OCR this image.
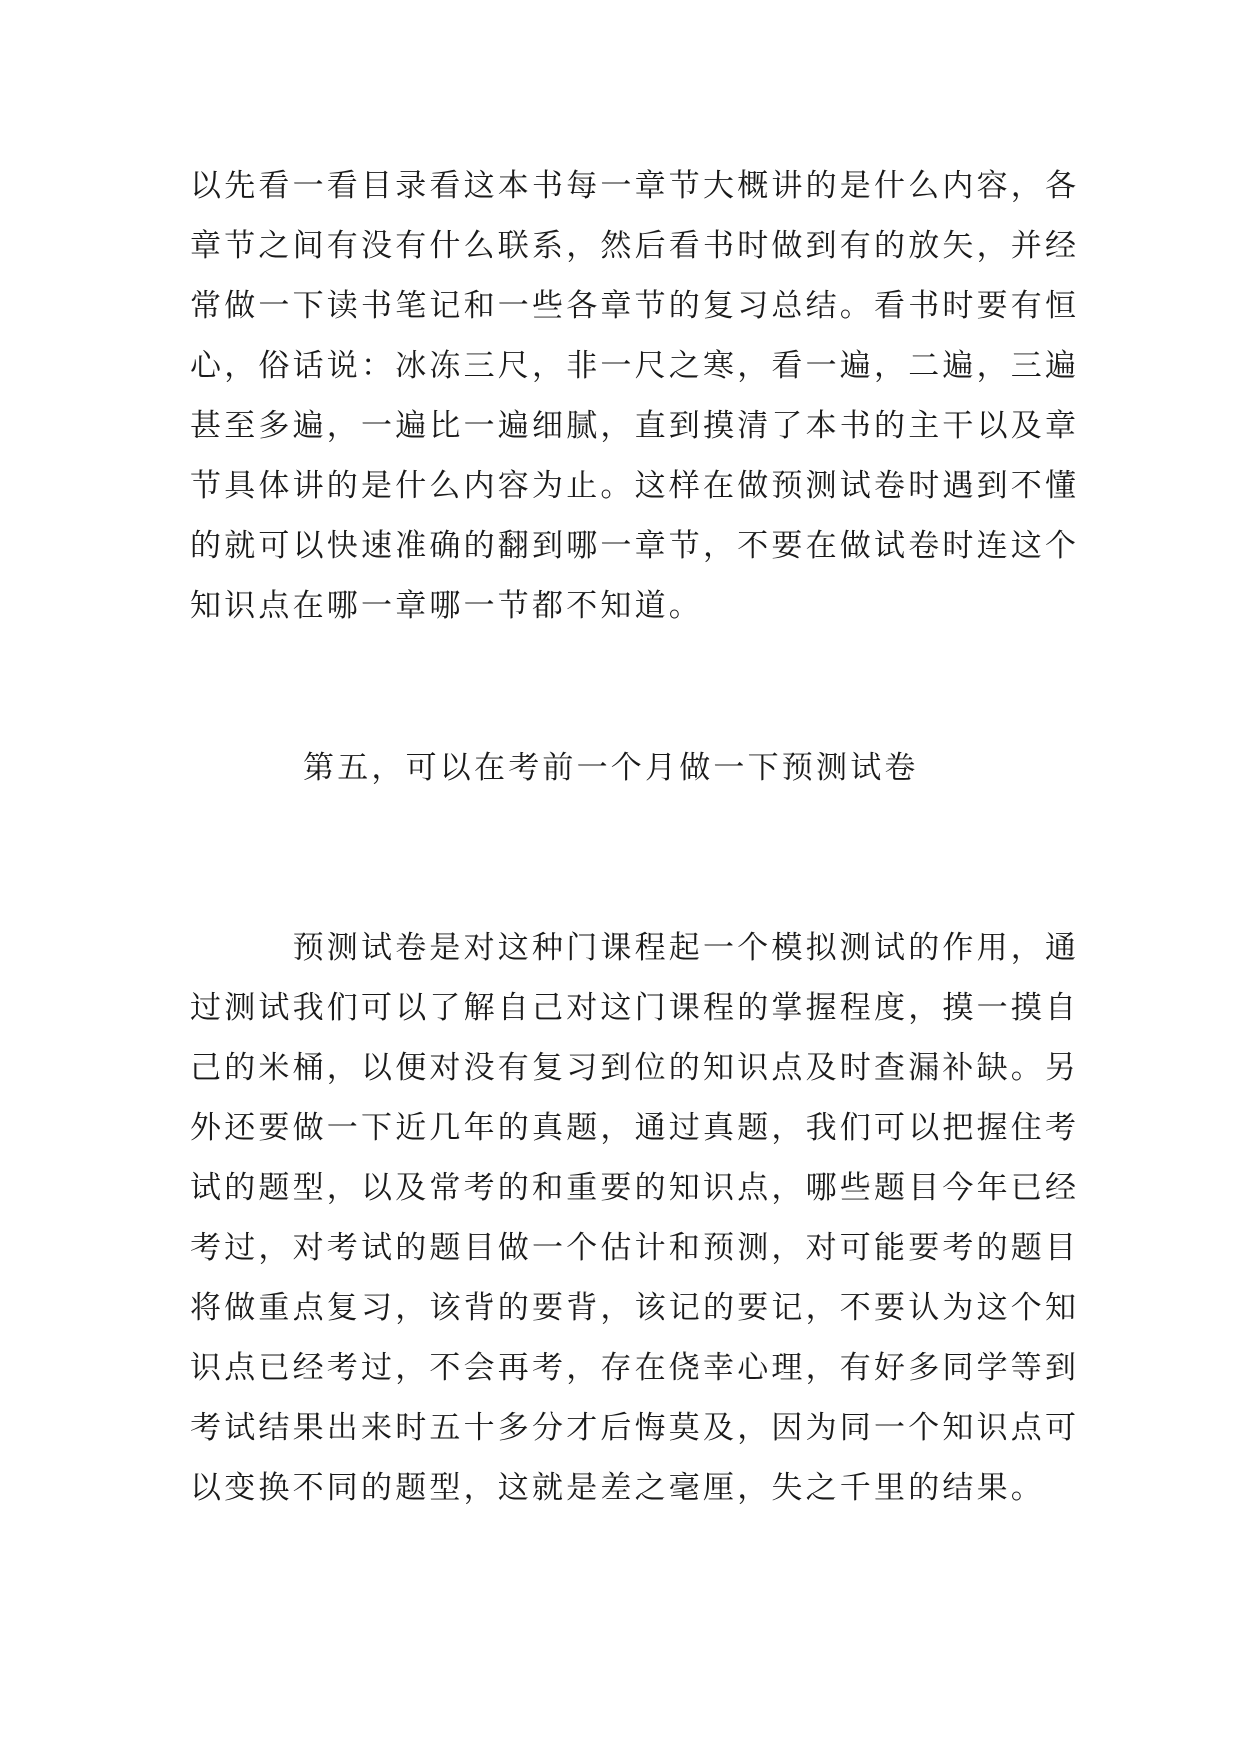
以先看一看目录看这本书每一章节大概讲的是什么内容，各
章节之间有没有什么联系，然后看书时做到有的放矢，并经
常做一下读书笔记和一些各章节的复习总结。看书时要有恒
心，俗话说：冰冻三尺，非一尺之寒，看一遍，二遍，三遍
甚至多遍，一遍比一遍细腻，直到摸清了本书的主干以及章
节具体讲的是什么内容为止。这样在做预测试卷时遇到不懂
的就可以快速准确的翻到哪一章节，不要在做试卷时连这个
知识点在哪一章哪一节都不知道。
第五，可以在考前一个月做一下预测试卷
　　　预测试卷是对这种门课程起一个模拟测试的作用，通
过测试我们可以了解自己对这门课程的掌握程度，摸一摸自
己的米桶，以便对没有复习到位的知识点及时查漏补缺。另
外还要做一下近几年的真题，通过真题，我们可以把握住考
试的题型，以及常考的和重要的知识点，哪些题目今年已经
考过，对考试的题目做一个估计和预测，对可能要考的题目
将做重点复习，该背的要背，该记的要记，不要认为这个知
识点已经考过，不会再考，存在侥幸心理，有好多同学等到
考试结果出来时五十多分才后悔莫及，因为同一个知识点可
以变换不同的题型，这就是差之毫厘，失之千里的结果。
